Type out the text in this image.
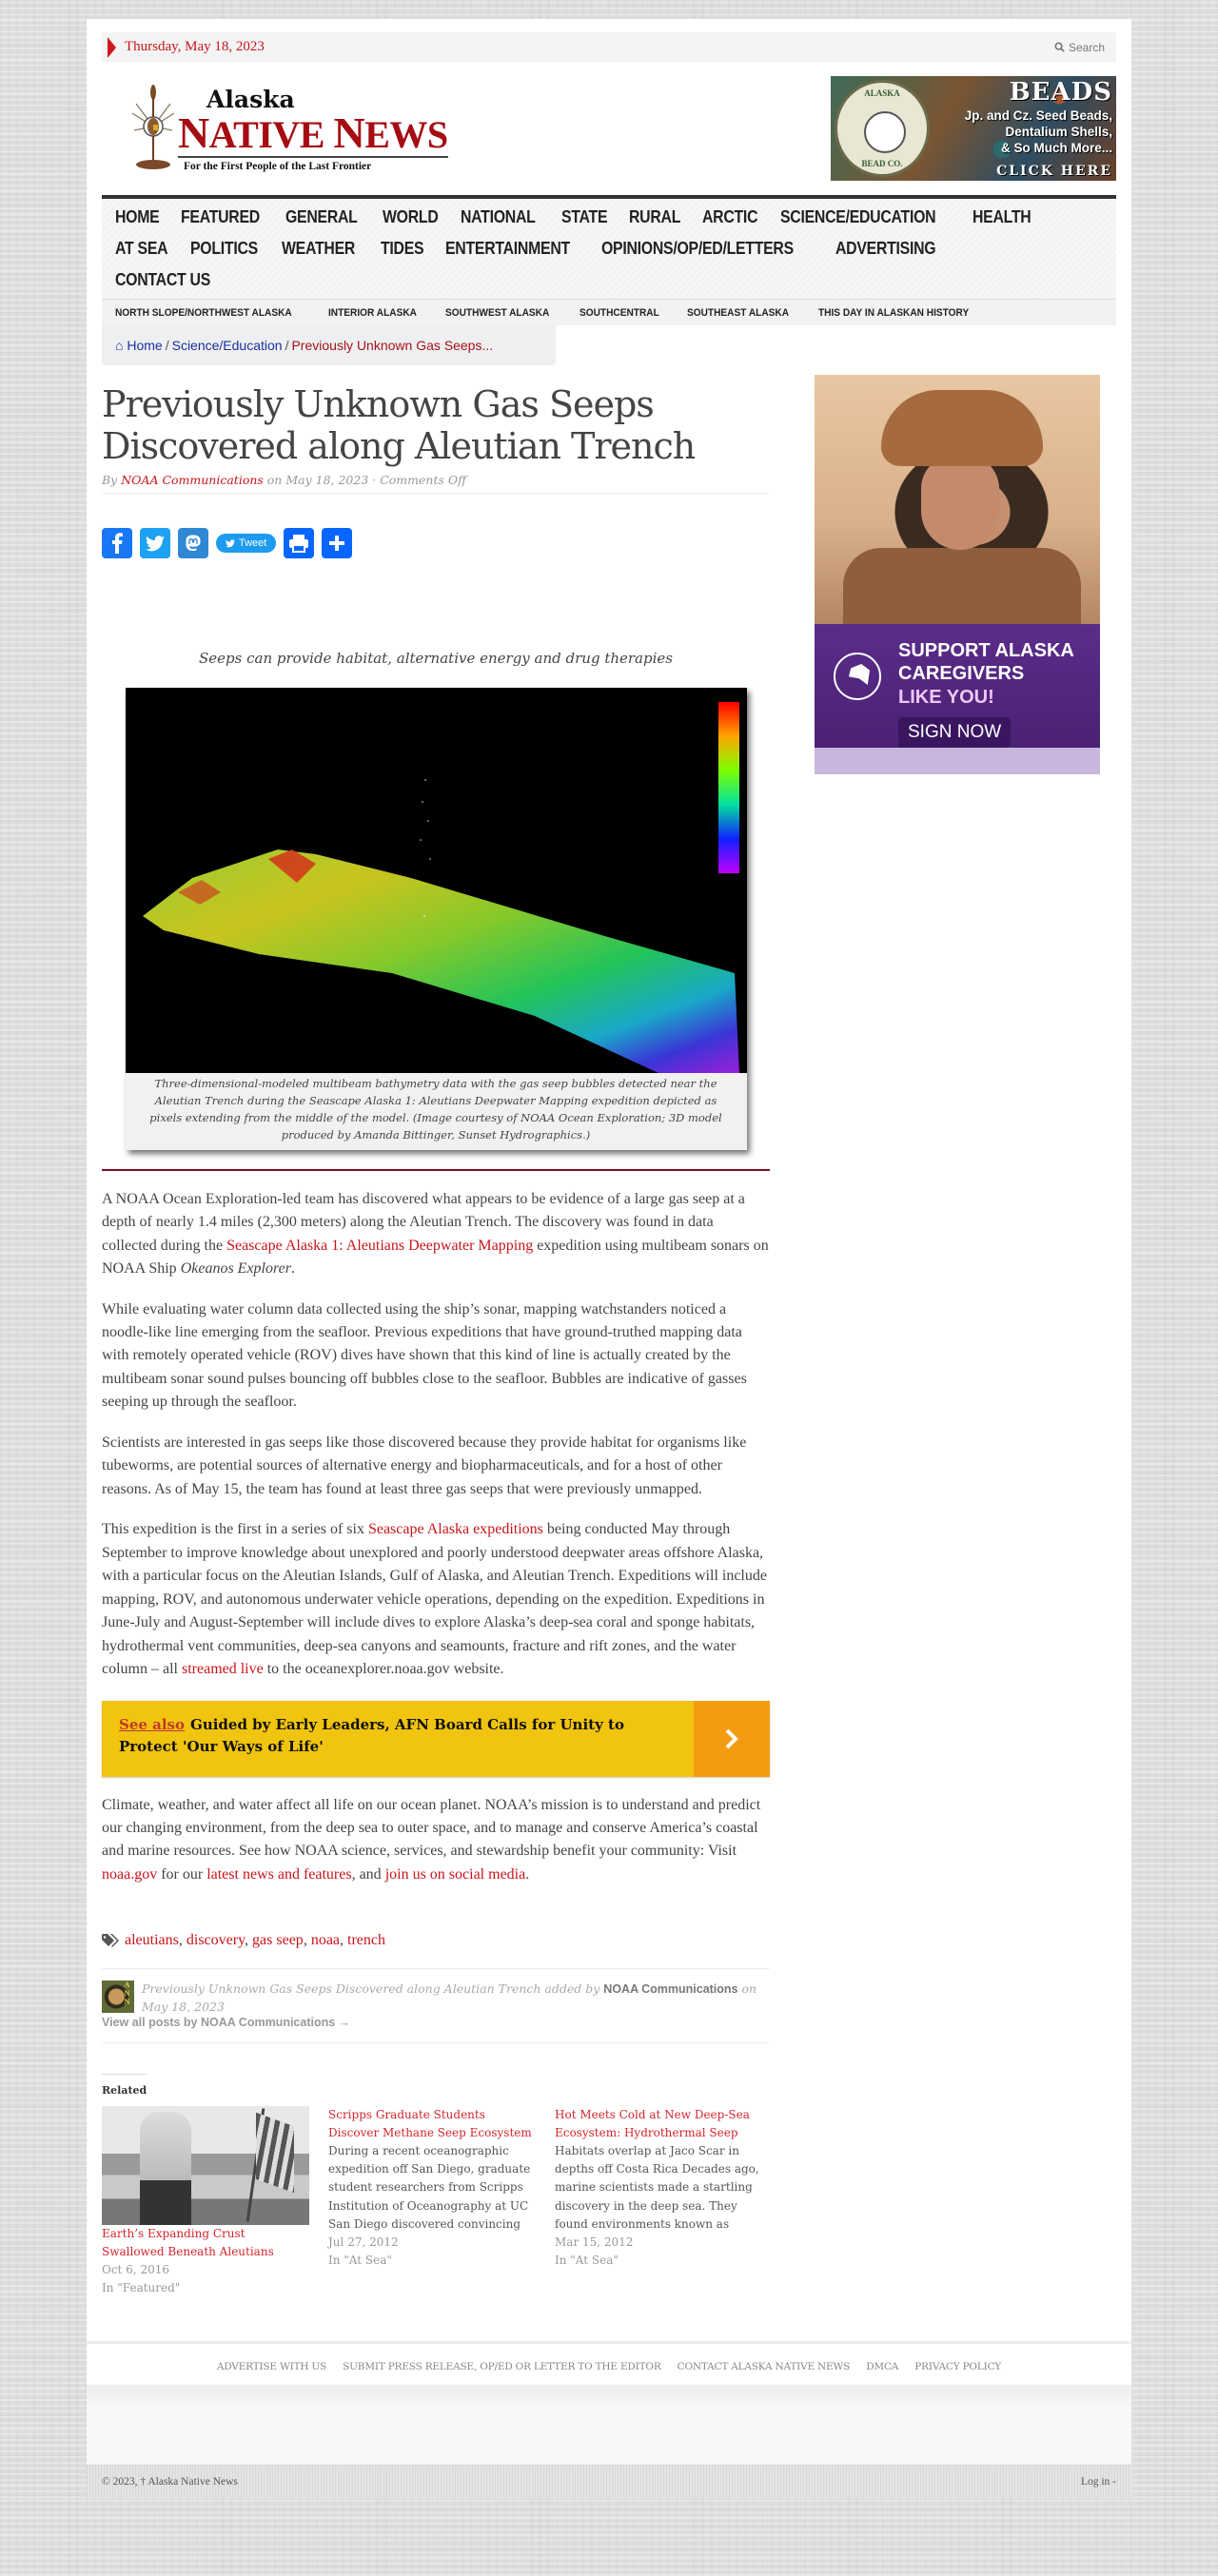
Thursday, May 18, 2023	Search
Alaska
NATIVE NEWS
For the First People of the Last Frontier
ALASKA
BEAD CO.
BEADS
Jp. and Cz. Seed Beads,
Dentalium Shells,
& So Much More...
CLICK HERE
HOME	FEATURED	GENERAL	WORLD	NATIONAL	STATE	RURAL	ARCTIC	SCIENCE/EDUCATION	HEALTH
AT SEA	POLITICS	WEATHER	TIDES	ENTERTAINMENT	OPINIONS/OP/ED/LETTERS	ADVERTISING
CONTACT US
NORTH SLOPE/NORTHWEST ALASKA	INTERIOR ALASKA	SOUTHWEST ALASKA	SOUTHCENTRAL	SOUTHEAST ALASKA	THIS DAY IN ALASKAN HISTORY
⌂ Home / Science/Education / Previously Unknown Gas Seeps...
Previously Unknown Gas Seeps Discovered along Aleutian Trench
By NOAA Communications on May 18, 2023 · Comments Off
Tweet
Seeps can provide habitat, alternative energy and drug therapies
Three-dimensional-modeled multibeam bathymetry data with the gas seep bubbles detected near the Aleutian Trench during the Seascape Alaska 1: Aleutians Deepwater Mapping expedition depicted as pixels extending from the middle of the model. (Image courtesy of NOAA Ocean Exploration; 3D model produced by Amanda Bittinger, Sunset Hydrographics.)

A NOAA Ocean Exploration-led team has discovered what appears to be evidence of a large gas seep at a depth of nearly 1.4 miles (2,300 meters) along the Aleutian Trench. The discovery was found in data collected during the Seascape Alaska 1: Aleutians Deepwater Mapping expedition using multibeam sonars on NOAA Ship Okeanos Explorer.

While evaluating water column data collected using the ship’s sonar, mapping watchstanders noticed a noodle-like line emerging from the seafloor. Previous expeditions that have ground-truthed mapping data with remotely operated vehicle (ROV) dives have shown that this kind of line is actually created by the multibeam sonar sound pulses bouncing off bubbles close to the seafloor. Bubbles are indicative of gasses seeping up through the seafloor.

Scientists are interested in gas seeps like those discovered because they provide habitat for organisms like tubeworms, are potential sources of alternative energy and biopharmaceuticals, and for a host of other reasons. As of May 15, the team has found at least three gas seeps that were previously unmapped.

This expedition is the first in a series of six Seascape Alaska expeditions being conducted May through September to improve knowledge about unexplored and poorly understood deepwater areas offshore Alaska, with a particular focus on the Aleutian Islands, Gulf of Alaska, and Aleutian Trench. Expeditions will include mapping, ROV, and autonomous underwater vehicle operations, depending on the expedition. Expeditions in June-July and August-September will include dives to explore Alaska’s deep-sea coral and sponge habitats, hydrothermal vent communities, deep-sea canyons and seamounts, fracture and rift zones, and the water column – all streamed live to the oceanexplorer.noaa.gov website.

See also Guided by Early Leaders, AFN Board Calls for Unity to Protect 'Our Ways of Life'

Climate, weather, and water affect all life on our ocean planet. NOAA’s mission is to understand and predict our changing environment, from the deep sea to outer space, and to manage and conserve America’s coastal and marine resources. See how NOAA science, services, and stewardship benefit your community: Visit noaa.gov for our latest news and features, and join us on social media.

aleutians, discovery, gas seep, noaa, trench
ANN Previously Unknown Gas Seeps Discovered along Aleutian Trench added by NOAA Communications on May 18, 2023
View all posts by NOAA Communications →
Related
Earth’s Expanding Crust Swallowed Beneath Aleutians
Oct 6, 2016
In "Featured"
Scripps Graduate Students Discover Methane Seep Ecosystem
During a recent oceanographic expedition off San Diego, graduate student researchers from Scripps Institution of Oceanography at UC San Diego discovered convincing
Jul 27, 2012
In "At Sea"
Hot Meets Cold at New Deep-Sea Ecosystem: Hydrothermal Seep
Habitats overlap at Jaco Scar in depths off Costa Rica Decades ago, marine scientists made a startling discovery in the deep sea. They found environments known as
Mar 15, 2012
In "At Sea"
SUPPORT ALASKA
CAREGIVERS
LIKE YOU!
SIGN NOW
ADVERTISE WITH US SUBMIT PRESS RELEASE, OP/ED OR LETTER TO THE EDITOR CONTACT ALASKA NATIVE NEWS DMCA PRIVACY POLICY
© 2023, † Alaska Native News	Log in -
